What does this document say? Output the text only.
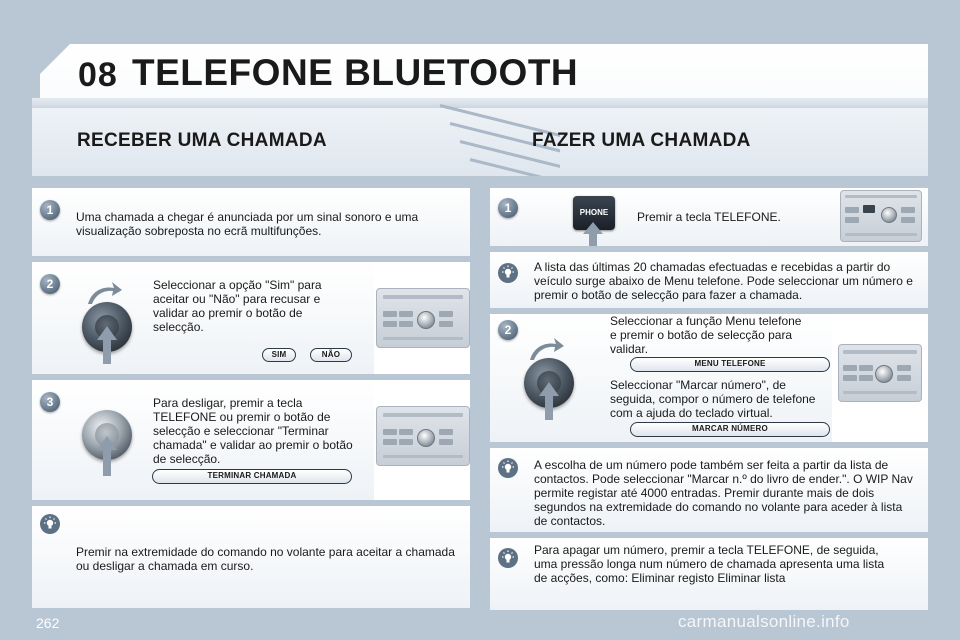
08 TELEFONE BLUETOOTH
RECEBER UMA CHAMADA	FAZER UMA CHAMADA
1	Uma chamada a chegar é anunciada por um sinal sonoro e uma visualização sobreposta no ecrã multifunções.
2	Seleccionar a opção "Sim" para aceitar ou "Não" para recusar e validar ao premir o botão de selecção.
SIM	NÃO
3	Para desligar, premir a tecla TELEFONE ou premir o botão de selecção e seleccionar "Terminar chamada" e validar ao premir o botão de selecção.
TERMINAR CHAMADA
Premir na extremidade do comando no volante para aceitar a chamada ou desligar a chamada em curso.
1	PHONE	Premir a tecla TELEFONE.
A lista das últimas 20 chamadas efectuadas e recebidas a partir do veículo surge abaixo de Menu telefone. Pode seleccionar um número e premir o botão de selecção para fazer a chamada.
2
Seleccionar a função Menu telefone e premir o botão de selecção para validar.
MENU TELEFONE
Seleccionar "Marcar número", de seguida, compor o número de telefone com a ajuda do teclado virtual.
MARCAR NÚMERO
A escolha de um número pode também ser feita a partir da lista de contactos. Pode seleccionar "Marcar n.º do livro de ender.". O WIP Nav permite registar até 4000 entradas. Premir durante mais de dois segundos na extremidade do comando no volante para aceder à lista de contactos.
Para apagar um número, premir a tecla TELEFONE, de seguida, uma pressão longa num número de chamada apresenta uma lista de acções, como: Eliminar registo Eliminar lista
262	carmanualsonline.info
